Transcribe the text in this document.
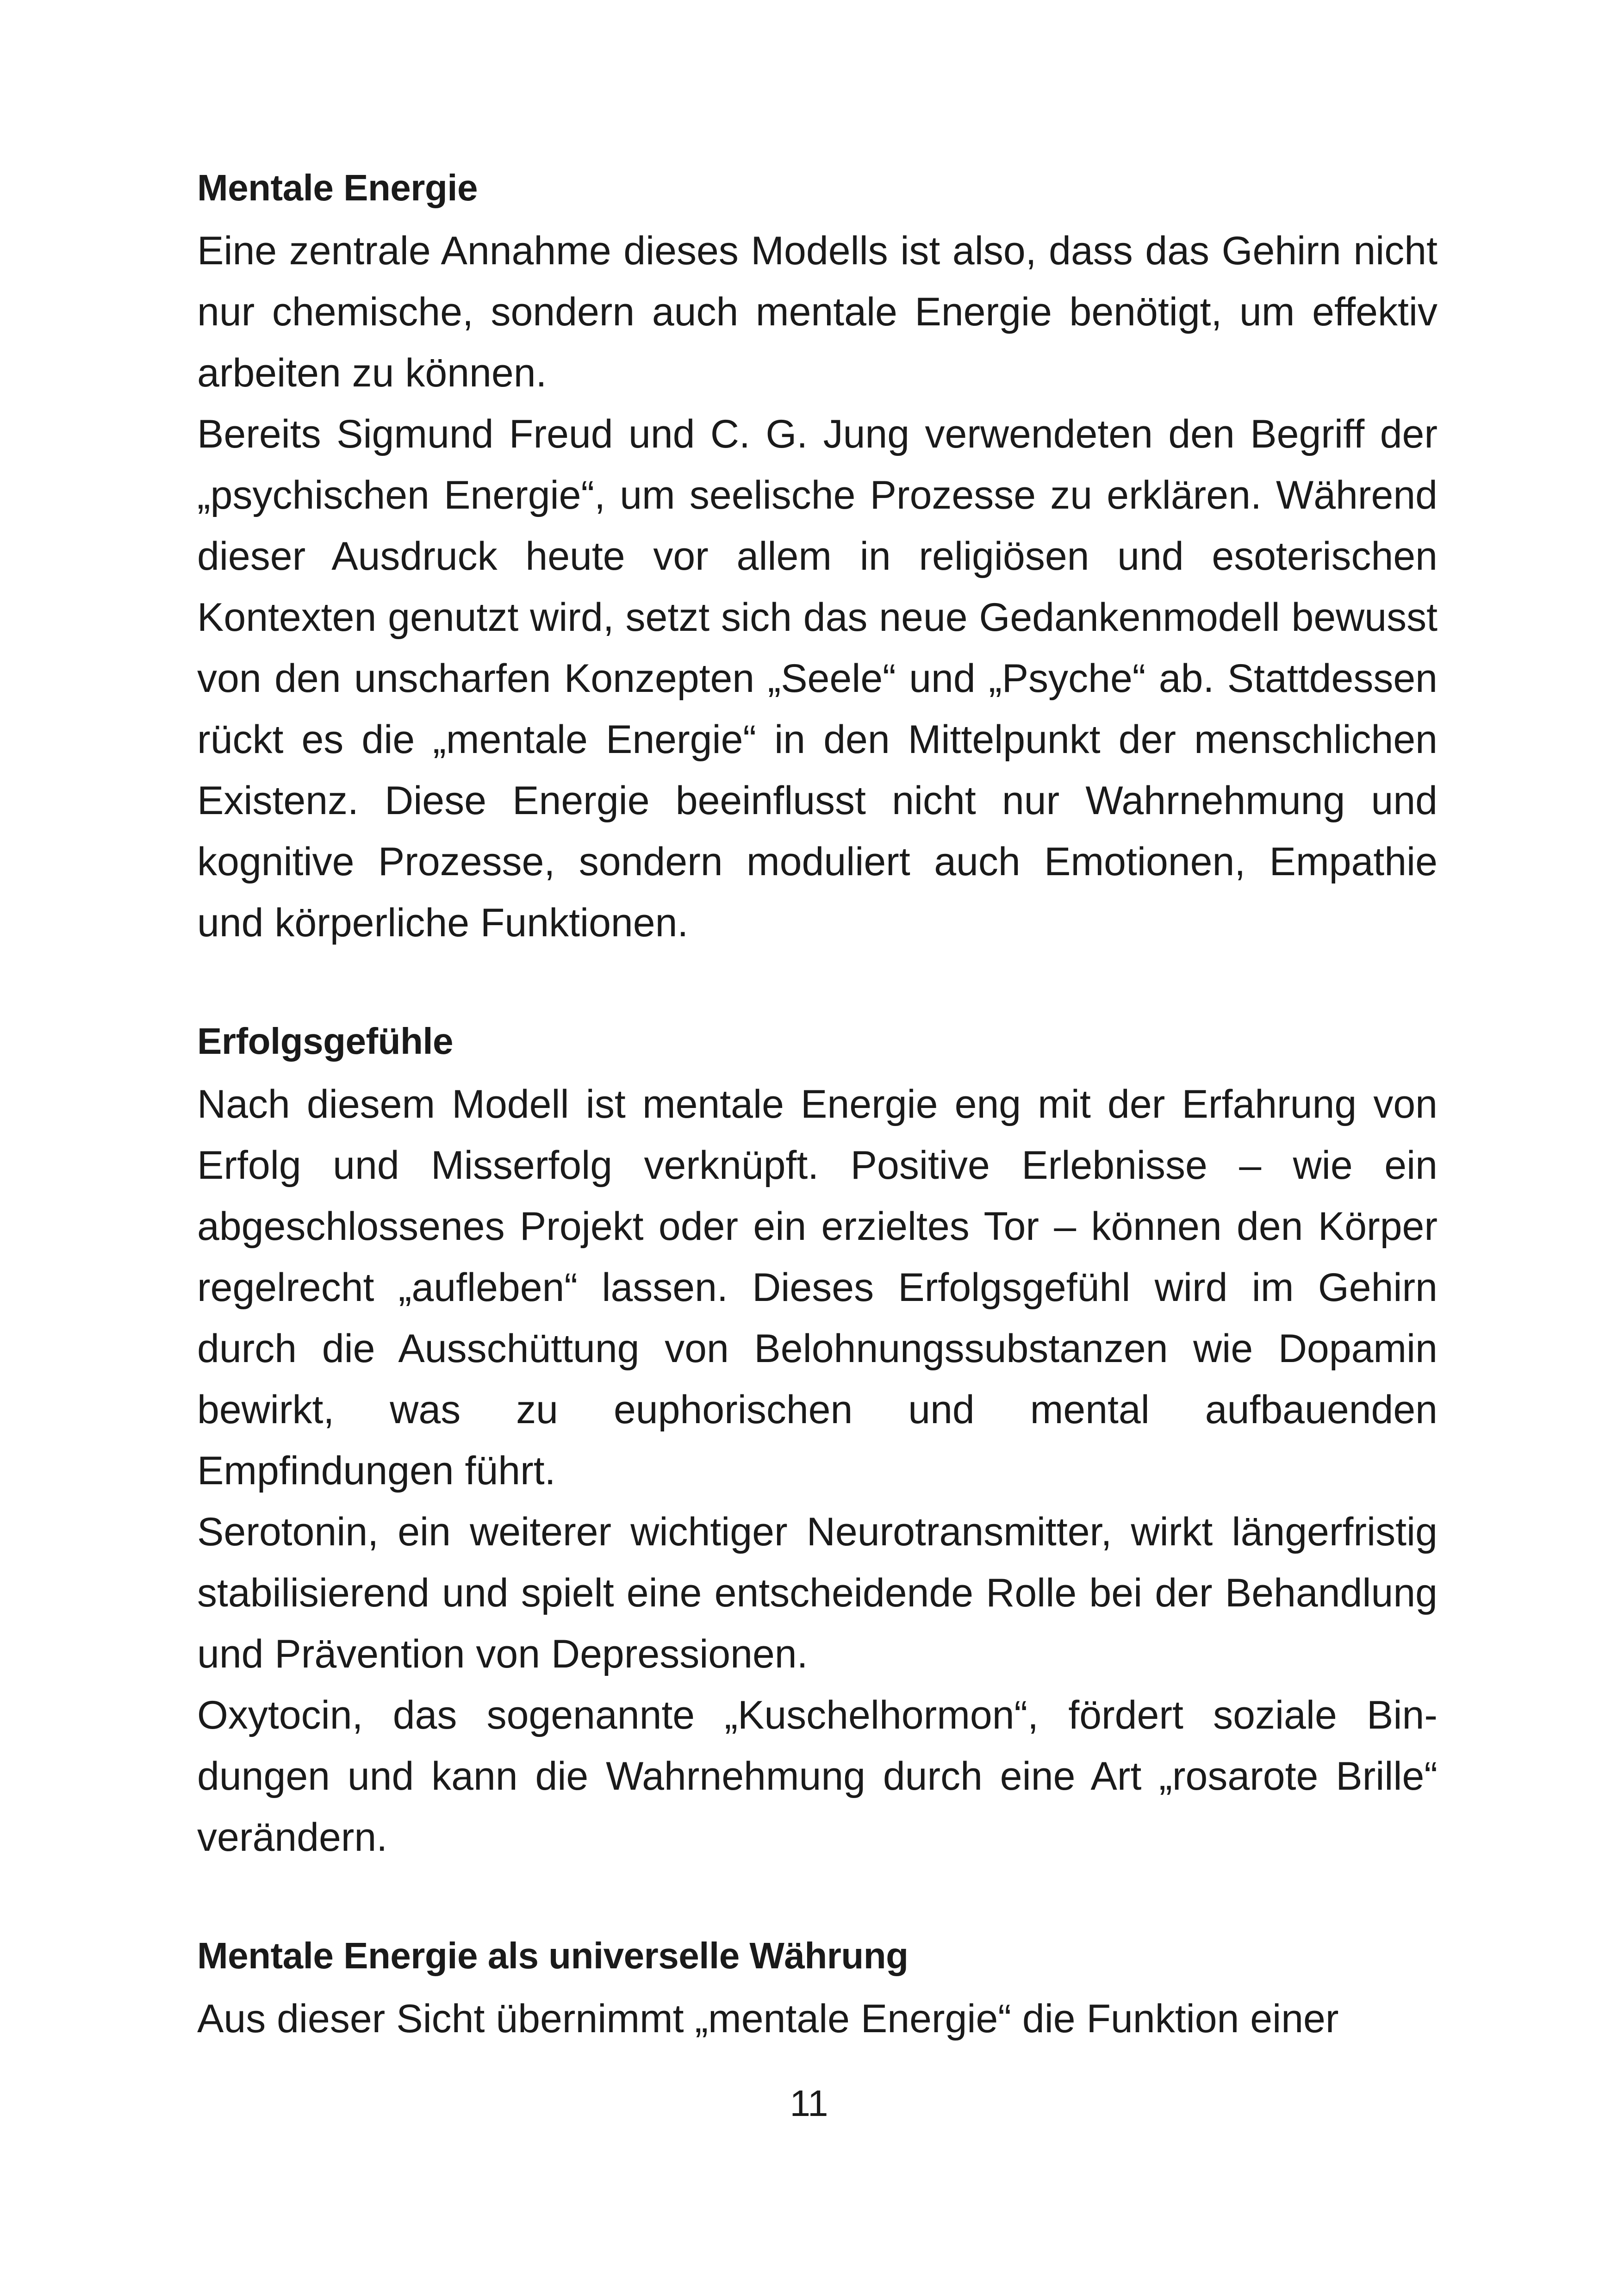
Mentale Energie

Eine zentrale Annahme dieses Modells ist also, dass das Gehirn nicht nur chemische, sondern auch mentale Energie benötigt, um effektiv arbeiten zu können.

Bereits Sigmund Freud und C. G. Jung verwendeten den Begriff der „psychischen Energie“, um seelische Prozesse zu erklären. Während dieser Ausdruck heute vor allem in religiösen und esoterischen Kontexten genutzt wird, setzt sich das neue Gedankenmodell bewusst von den unscharfen Konzepten „Seele“ und „Psyche“ ab. Stattdessen rückt es die „mentale Energie“ in den Mittelpunkt der menschlichen Existenz. Diese Energie beeinflusst nicht nur Wahrnehmung und kognitive Prozesse, sondern moduliert auch Emotionen, Empathie und körperliche Funktionen.

Erfolgsgefühle

Nach diesem Modell ist mentale Energie eng mit der Erfahrung von Erfolg und Misserfolg verknüpft. Positive Erlebnisse – wie ein abgeschlossenes Projekt oder ein erzieltes Tor – können den Körper regelrecht „aufleben“ lassen. Dieses Erfolgsgefühl wird im Gehirn durch die Ausschüttung von Belohnungssubstanzen wie Dopamin bewirkt, was zu euphorischen und mental aufbauenden Empfindungen führt.

Serotonin, ein weiterer wichtiger Neurotransmitter, wirkt längerfristig stabilisierend und spielt eine entscheidende Rolle bei der Behandlung und Prävention von Depressionen.

Oxytocin, das sogenannte „Kuschelhormon“, fördert soziale Bindungen und kann die Wahrnehmung durch eine Art „rosarote Brille“ verändern.

Mentale Energie als universelle Währung

Aus dieser Sicht übernimmt „mentale Energie“ die Funktion einer

11
